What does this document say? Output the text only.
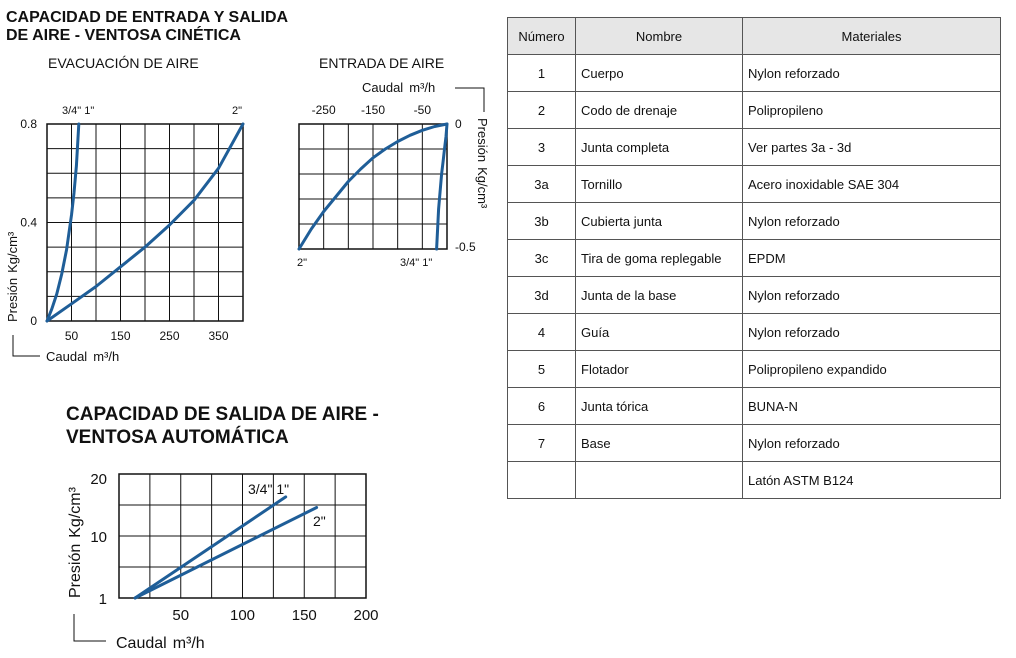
CAPACIDAD DE ENTRADA Y SALIDA
DE AIRE - VENTOSA CINÉTICA
EVACUACIÓN DE AIRE	ENTRADA DE AIRE
CAPACIDAD DE SALIDA DE AIRE -
VENTOSA AUTOMÁTICA
50	150 250 350
0
0.4
0.8
3/4" 1"	2"
PresiónKg/cm³
Caudal m³/h
-250 -150 -50
0
-0.5
2"	3/4" 1"
Caudal m³/h
PresiónKg/cm³
50	100 150 200
1
10
20
3/4" 1"
2"
PresiónKg/cm³
Caudal m³/h
Número	Nombre	Materiales
1	Cuerpo	Nylon reforzado
2	Codo de drenaje	Polipropileno
3	Junta completa	Ver partes 3a - 3d
3a	Tornillo	Acero inoxidable SAE 304
3b	Cubierta junta	Nylon reforzado
3c	Tira de goma replegable	EPDM
3d	Junta de la base	Nylon reforzado
4	Guía	Nylon reforzado
5	Flotador	Polipropileno expandido
6	Junta tórica	BUNA-N
7	Base	Nylon reforzado
		Latón ASTM B124
